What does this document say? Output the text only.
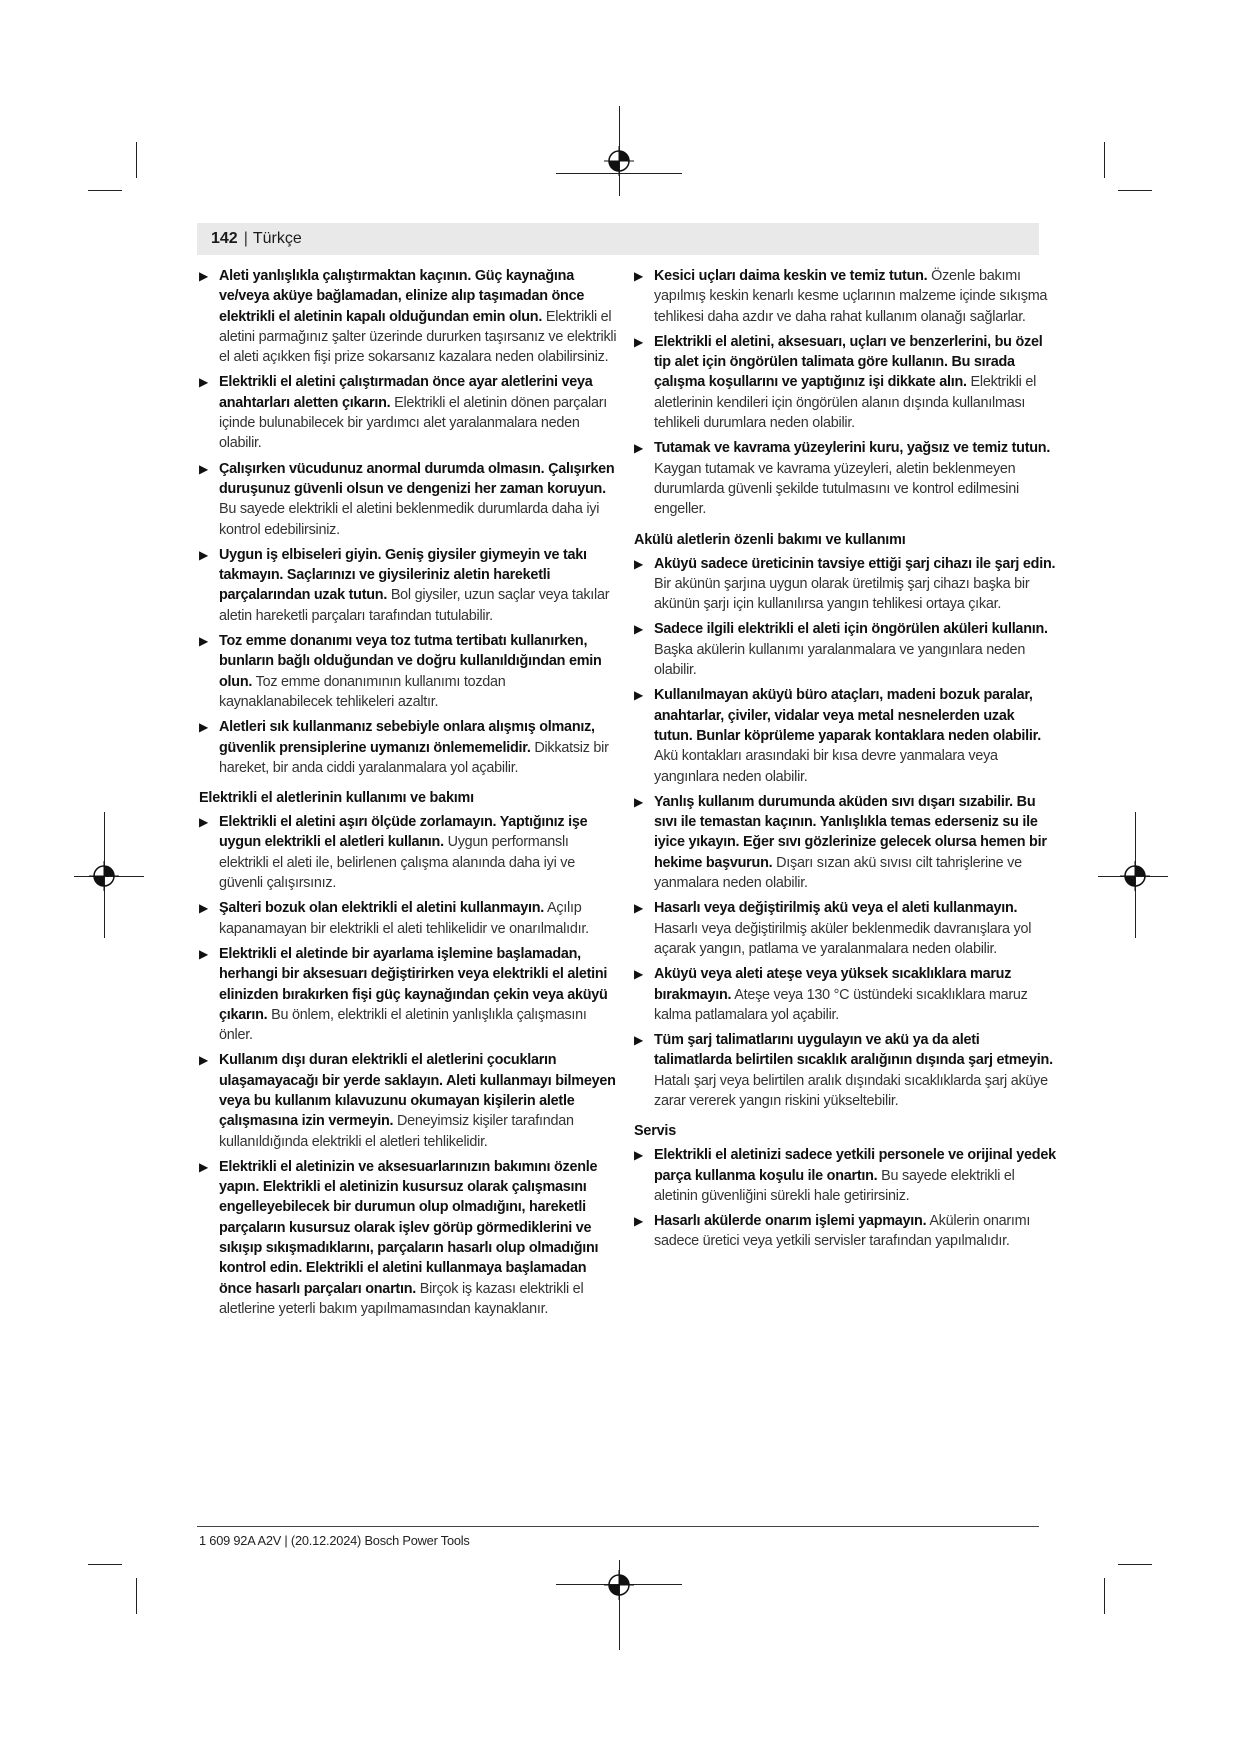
142
| Türkçe
▶ Aleti yanlışlıkla çalıştırmaktan kaçının. Güç kaynağına ve/veya aküye bağlamadan, elinize alıp taşımadan önce elektrikli el aletinin kapalı olduğundan emin olun. Elektrikli el aletini parmağınız şalter üzerinde dururken taşırsanız ve elektrikli el aleti açıkken fişi prize sokarsanız kazalara neden olabilirsiniz.
▶ Elektrikli el aletini çalıştırmadan önce ayar aletlerini veya anahtarları aletten çıkarın. Elektrikli el aletinin dönen parçaları içinde bulunabilecek bir yardımcı alet yaralanmalara neden olabilir.
▶ Çalışırken vücudunuz anormal durumda olmasın. Çalışırken duruşunuz güvenli olsun ve dengenizi her zaman koruyun. Bu sayede elektrikli el aletini beklenmedik durumlarda daha iyi kontrol edebilirsiniz.
▶ Uygun iş elbiseleri giyin. Geniş giysiler giymeyin ve takı takmayın. Saçlarınızı ve giysileriniz aletin hareketli parçalarından uzak tutun. Bol giysiler, uzun saçlar veya takılar aletin hareketli parçaları tarafından tutulabilir.
▶ Toz emme donanımı veya toz tutma tertibatı kullanırken, bunların bağlı olduğundan ve doğru kullanıldığından emin olun. Toz emme donanımının kullanımı tozdan kaynaklanabilecek tehlikeleri azaltır.
▶ Aletleri sık kullanmanız sebebiyle onlara alışmış olmanız, güvenlik prensiplerine uymanızı önlememelidir. Dikkatsiz bir hareket, bir anda ciddi yaralanmalara yol açabilir.
Elektrikli el aletlerinin kullanımı ve bakımı
▶ Elektrikli el aletini aşırı ölçüde zorlamayın. Yaptığınız işe uygun elektrikli el aletleri kullanın. Uygun performanslı elektrikli el aleti ile, belirlenen çalışma alanında daha iyi ve güvenli çalışırsınız.
▶ Şalteri bozuk olan elektrikli el aletini kullanmayın. Açılıp kapanamayan bir elektrikli el aleti tehlikelidir ve onarılmalıdır.
▶ Elektrikli el aletinde bir ayarlama işlemine başlamadan, herhangi bir aksesuarı değiştirirken veya elektrikli el aletini elinizden bırakırken fişi güç kaynağından çekin veya aküyü çıkarın. Bu önlem, elektrikli el aletinin yanlışlıkla çalışmasını önler.
▶ Kullanım dışı duran elektrikli el aletlerini çocukların ulaşamayacağı bir yerde saklayın. Aleti kullanmayı bilmeyen veya bu kullanım kılavuzunu okumayan kişilerin aletle çalışmasına izin vermeyin. Deneyimsiz kişiler tarafından kullanıldığında elektrikli el aletleri tehlikelidir.
▶ Elektrikli el aletinizin ve aksesuarlarınızın bakımını özenle yapın. Elektrikli el aletinizin kusursuz olarak çalışmasını engelleyebilecek bir durumun olup olmadığını, hareketli parçaların kusursuz olarak işlev görüp görmediklerini ve sıkışıp sıkışmadıklarını, parçaların hasarlı olup olmadığını kontrol edin. Elektrikli el aletini kullanmaya başlamadan önce hasarlı parçaları onartın. Birçok iş kazası elektrikli el aletlerine yeterli bakım yapılmamasından kaynaklanır.
▶ Kesici uçları daima keskin ve temiz tutun. Özenle bakımı yapılmış keskin kenarlı kesme uçlarının malzeme içinde sıkışma tehlikesi daha azdır ve daha rahat kullanım olanağı sağlarlar.
▶ Elektrikli el aletini, aksesuarı, uçları ve benzerlerini, bu özel tip alet için öngörülen talimata göre kullanın. Bu sırada çalışma koşullarını ve yaptığınız işi dikkate alın. Elektrikli el aletlerinin kendileri için öngörülen alanın dışında kullanılması tehlikeli durumlara neden olabilir.
▶ Tutamak ve kavrama yüzeylerini kuru, yağsız ve temiz tutun. Kaygan tutamak ve kavrama yüzeyleri, aletin beklenmeyen durumlarda güvenli şekilde tutulmasını ve kontrol edilmesini engeller.
Akülü aletlerin özenli bakımı ve kullanımı
▶ Aküyü sadece üreticinin tavsiye ettiği şarj cihazı ile şarj edin. Bir akünün şarjına uygun olarak üretilmiş şarj cihazı başka bir akünün şarjı için kullanılırsa yangın tehlikesi ortaya çıkar.
▶ Sadece ilgili elektrikli el aleti için öngörülen aküleri kullanın. Başka akülerin kullanımı yaralanmalara ve yangınlara neden olabilir.
▶ Kullanılmayan aküyü büro ataçları, madeni bozuk paralar, anahtarlar, çiviler, vidalar veya metal nesnelerden uzak tutun. Bunlar köprüleme yaparak kontaklara neden olabilir. Akü kontakları arasındaki bir kısa devre yanmalara veya yangınlara neden olabilir.
▶ Yanlış kullanım durumunda aküden sıvı dışarı sızabilir. Bu sıvı ile temastan kaçının. Yanlışlıkla temas ederseniz su ile iyice yıkayın. Eğer sıvı gözlerinize gelecek olursa hemen bir hekime başvurun. Dışarı sızan akü sıvısı cilt tahrişlerine ve yanmalara neden olabilir.
▶ Hasarlı veya değiştirilmiş akü veya el aleti kullanmayın. Hasarlı veya değiştirilmiş aküler beklenmedik davranışlara yol açarak yangın, patlama ve yaralanmalara neden olabilir.
▶ Aküyü veya aleti ateşe veya yüksek sıcaklıklara maruz bırakmayın. Ateşe veya 130 °C üstündeki sıcaklıklara maruz kalma patlamalara yol açabilir.
▶ Tüm şarj talimatlarını uygulayın ve akü ya da aleti talimatlarda belirtilen sıcaklık aralığının dışında şarj etmeyin. Hatalı şarj veya belirtilen aralık dışındaki sıcaklıklarda şarj aküye zarar vererek yangın riskini yükseltebilir.
Servis
▶ Elektrikli el aletinizi sadece yetkili personele ve orijinal yedek parça kullanma koşulu ile onartın. Bu sayede elektrikli el aletinin güvenliğini sürekli hale getirirsiniz.
▶ Hasarlı akülerde onarım işlemi yapmayın. Akülerin onarımı sadece üretici veya yetkili servisler tarafından yapılmalıdır.
1 609 92A A2V | (20.12.2024) Bosch Power Tools
